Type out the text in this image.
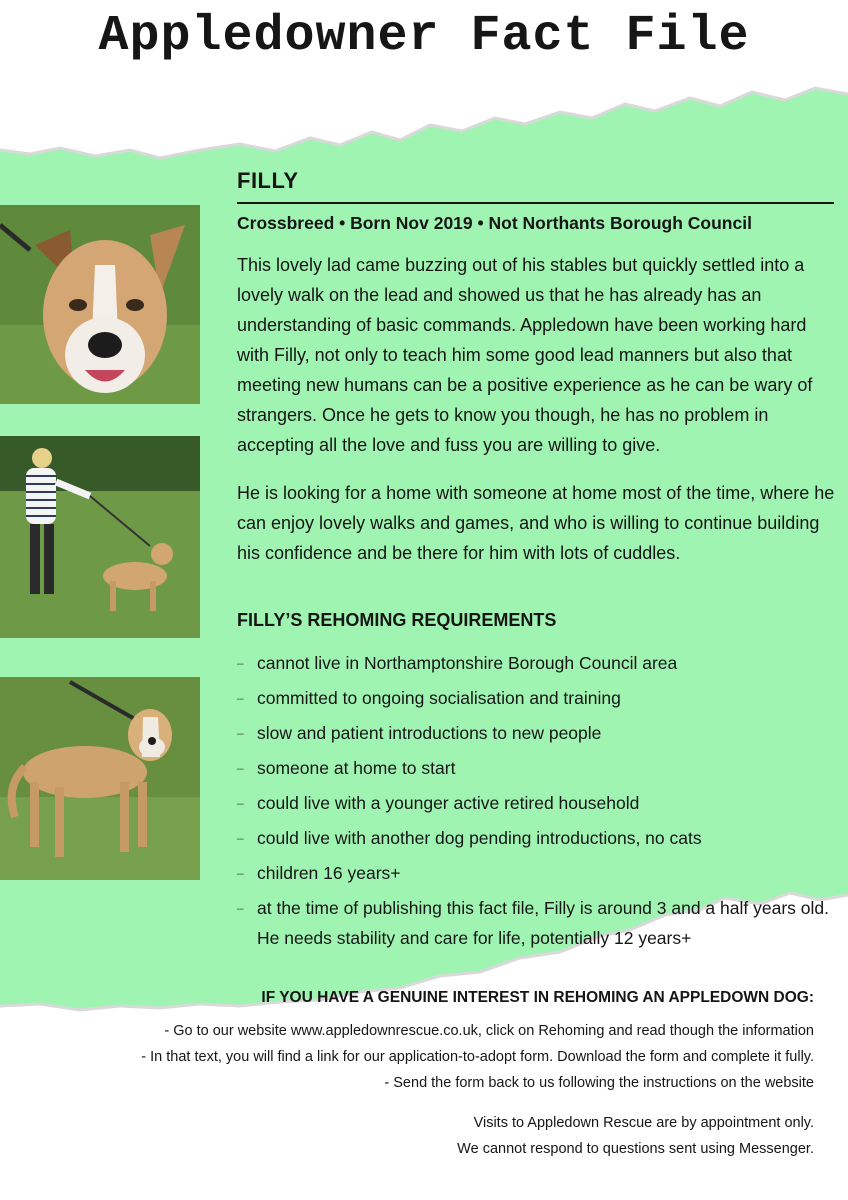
Appledowner Fact File
FILLY
Crossbreed • Born Nov 2019 • Not Northants Borough Council

This lovely lad came buzzing out of his stables but quickly settled into a lovely walk on the lead and showed us that he has already has an understanding of basic commands. Appledown have been working hard with Filly, not only to teach him some good lead manners but also that meeting new humans can be a positive experience as he can be wary of strangers. Once he gets to know you though, he has no problem in accepting all the love and fuss you are willing to give.

He is looking for a home with someone at home most of the time, where he can enjoy lovely walks and games, and who is willing to continue building his confidence and be there for him with lots of cuddles.

FILLY’S REHOMING REQUIREMENTS
– cannot live in Northamptonshire Borough Council area
– committed to ongoing socialisation and training
– slow and patient introductions to new people
– someone at home to start
– could live with a younger active retired household
– could live with another dog pending introductions, no cats
– children 16 years+
– at the time of publishing this fact file, Filly is around 3 and a half years old. He needs stability and care for life, potentially 12 years+
IF YOU HAVE A GENUINE INTEREST IN REHOMING AN APPLEDOWN DOG:
- Go to our website www.appledownrescue.co.uk, click on Rehoming and read though the information
- In that text, you will find a link for our application-to-adopt form. Download the form and complete it fully.
- Send the form back to us following the instructions on the website
Visits to Appledown Rescue are by appointment only.
We cannot respond to questions sent using Messenger.
